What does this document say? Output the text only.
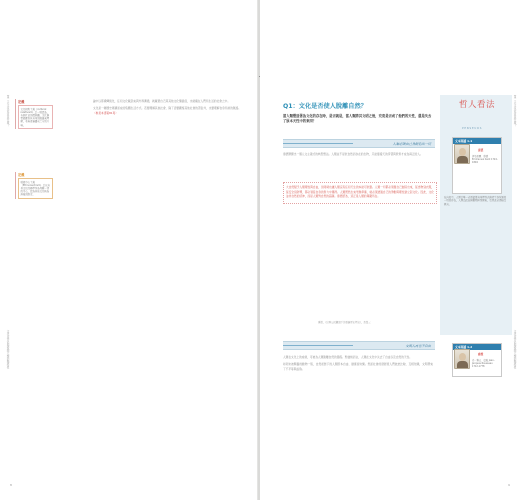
第一章·文化究竟是什麼？
文化是否能夠說明人類的獨特性
定義
文化相對主義（cultural relativism）是一種認為，各個社會的價值觀、文化與習俗應從其自身的脈絡來理解，並無普遍優劣之分的立場。
定義
種族中心主義（Ethnocentrism）是以自身文化的標準作為判斷一切的中心，認為其他文化較為落後的態度。

論中以那樣傳統化，任何文化藏起來與外界溝通，就藏著自己與其他文化價值值，也就藏在人們所生活的社會之中。

文化是一種歷史累積而成的集體生活方式。若要理解其他社會，除了需要觀察其他社會的習俗外，也要理解自身所處的脈絡。（參見本書第81頁）

8
Q1：文化是否使人脫離自然？
當人類塑造著為文化的存在時，是否就是，當人類將其文明之後，究竟是否成了他們的天性，還是失去了原本天性中的東西？
人類必須由己身創造出一切

康德開闊出一個人文主義式的典型想法。人類並不是依自然而存在的生物，只能靠後天的學習與教育才成為真正的人。

大自然賦予人類理性與自由，但同時也讓人類沒有任何天生的本能可依靠。人類一切都必須靠自己創造出來，從食物到衣服，從安全到防禦，都必須從自身的努力中獲得。人類既然生來毫無準備，就必須透過自己的勞動與理性建立起文化。因此，文化並非自然的延伸，而是人類對自然的超越。康德認為，這正是人類的尊嚴所在。

康德，《世界公民觀點下的普遍歷史理念》，命題三
文明人再也不自由

人類在文化上的成就，可被為人類脫離自然的過程。對盧梭而言，人類在文化中失去了自由以及自然的天性。

如同未被馴養的動物一般，自然狀態下的人類原本自由、健康而快樂。然而社會的發展使人們彼此比較、互相依賴，文明帶來了不平等與虛偽。

哲人看法
PENSEURS
文本閱讀 1-1
康德
伊曼紐爾．康德 Emmanuel Kant 1724-1804
在自然中，人類是唯一必須依靠自身理性去創造生存所需的一切的存在，人類由此而與動物區別開來，也因此必須接受教育。
文本閱讀 1-2
盧梭
尚－雅克．盧梭 Jean-Jacques Rousseau 1712-1778
第一章·文化究竟是什麼？
文化是否能夠說明人類的獨特性
9
